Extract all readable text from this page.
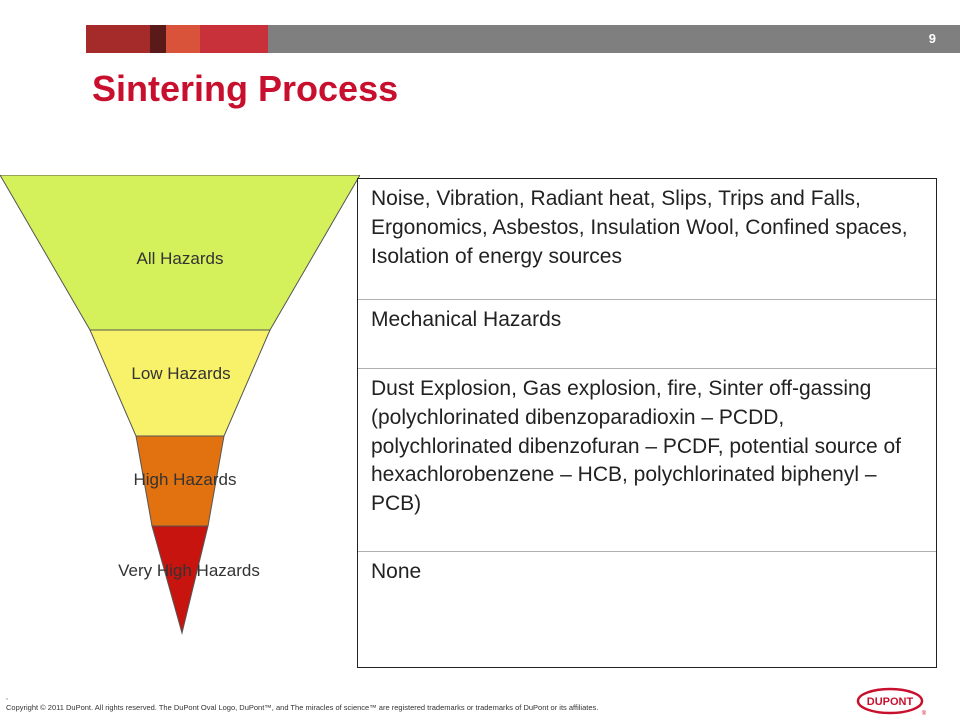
9
Sintering Process
All Hazards
Low Hazards
High Hazards
Very High Hazards
Noise, Vibration, Radiant heat, Slips, Trips and Falls, Ergonomics, Asbestos, Insulation Wool, Confined spaces, Isolation of energy sources
Mechanical Hazards
Dust Explosion, Gas explosion, fire, Sinter off-gassing (polychlorinated dibenzoparadioxin – PCDD, polychlorinated dibenzofuran – PCDF, potential source of hexachlorobenzene – HCB, polychlorinated biphenyl – PCB)
None
,
Copyright © 2011 DuPont. All rights reserved. The DuPont Oval Logo, DuPont™, and The miracles of science™ are registered trademarks or trademarks of DuPont or its affiliates.	DUPONT
®
